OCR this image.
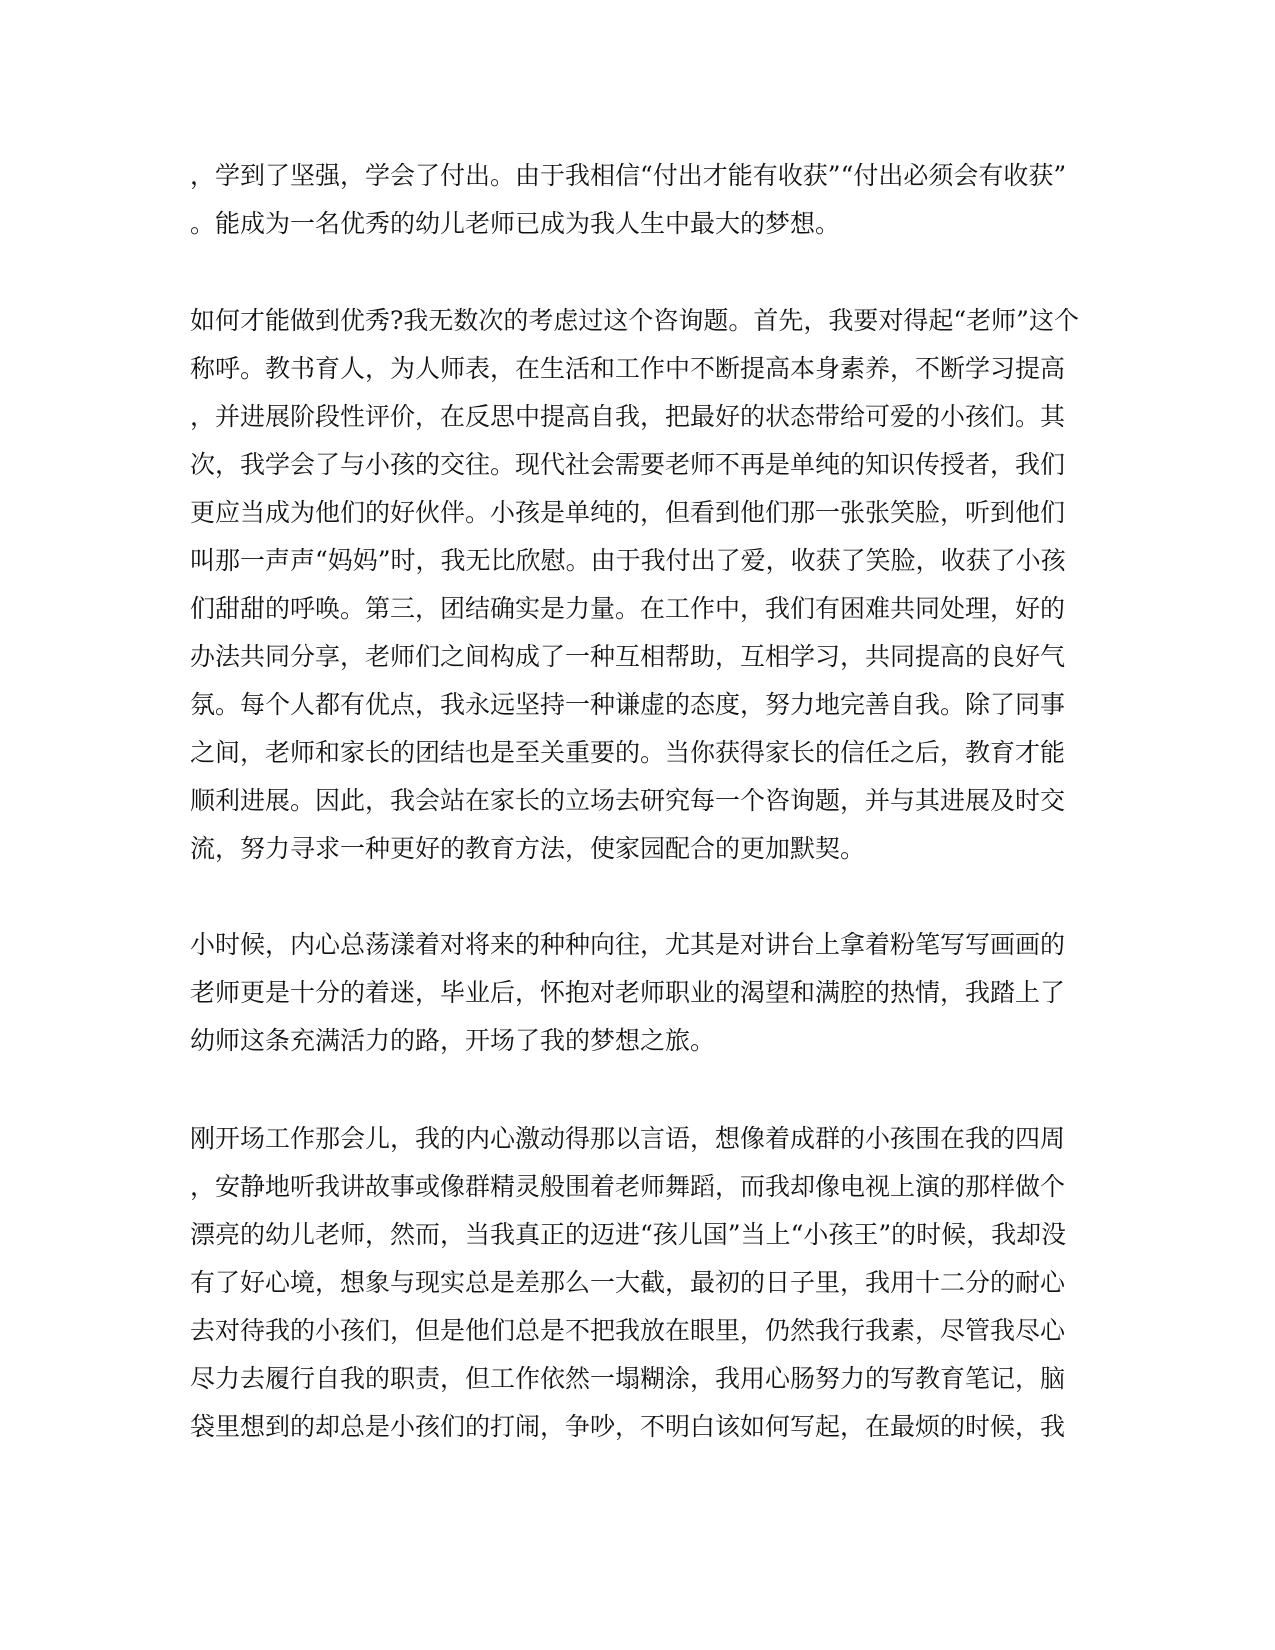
，学到了坚强，学会了付出。由于我相信“付出才能有收获”“付出必须会有收获”
。能成为一名优秀的幼儿老师已成为我人生中最大的梦想。
如何才能做到优秀?我无数次的考虑过这个咨询题。首先，我要对得起“老师”这个
称呼。教书育人，为人师表，在生活和工作中不断提高本身素养，不断学习提高
，并进展阶段性评价，在反思中提高自我，把最好的状态带给可爱的小孩们。其
次，我学会了与小孩的交往。现代社会需要老师不再是单纯的知识传授者，我们
更应当成为他们的好伙伴。小孩是单纯的，但看到他们那一张张笑脸，听到他们
叫那一声声“妈妈”时，我无比欣慰。由于我付出了爱，收获了笑脸，收获了小孩
们甜甜的呼唤。第三，团结确实是力量。在工作中，我们有困难共同处理，好的
办法共同分享，老师们之间构成了一种互相帮助，互相学习，共同提高的良好气
氛。每个人都有优点，我永远坚持一种谦虚的态度，努力地完善自我。除了同事
之间，老师和家长的团结也是至关重要的。当你获得家长的信任之后，教育才能
顺利进展。因此，我会站在家长的立场去研究每一个咨询题，并与其进展及时交
流，努力寻求一种更好的教育方法，使家园配合的更加默契。
小时候，内心总荡漾着对将来的种种向往，尤其是对讲台上拿着粉笔写写画画的
老师更是十分的着迷，毕业后，怀抱对老师职业的渴望和满腔的热情，我踏上了
幼师这条充满活力的路，开场了我的梦想之旅。
刚开场工作那会儿，我的内心激动得那以言语，想像着成群的小孩围在我的四周
，安静地听我讲故事或像群精灵般围着老师舞蹈，而我却像电视上演的那样做个
漂亮的幼儿老师，然而，当我真正的迈进“孩儿国”当上“小孩王”的时候，我却没
有了好心境，想象与现实总是差那么一大截，最初的日子里，我用十二分的耐心
去对待我的小孩们，但是他们总是不把我放在眼里，仍然我行我素，尽管我尽心
尽力去履行自我的职责，但工作依然一塌糊涂，我用心肠努力的写教育笔记，脑
袋里想到的却总是小孩们的打闹，争吵，不明白该如何写起，在最烦的时候，我
